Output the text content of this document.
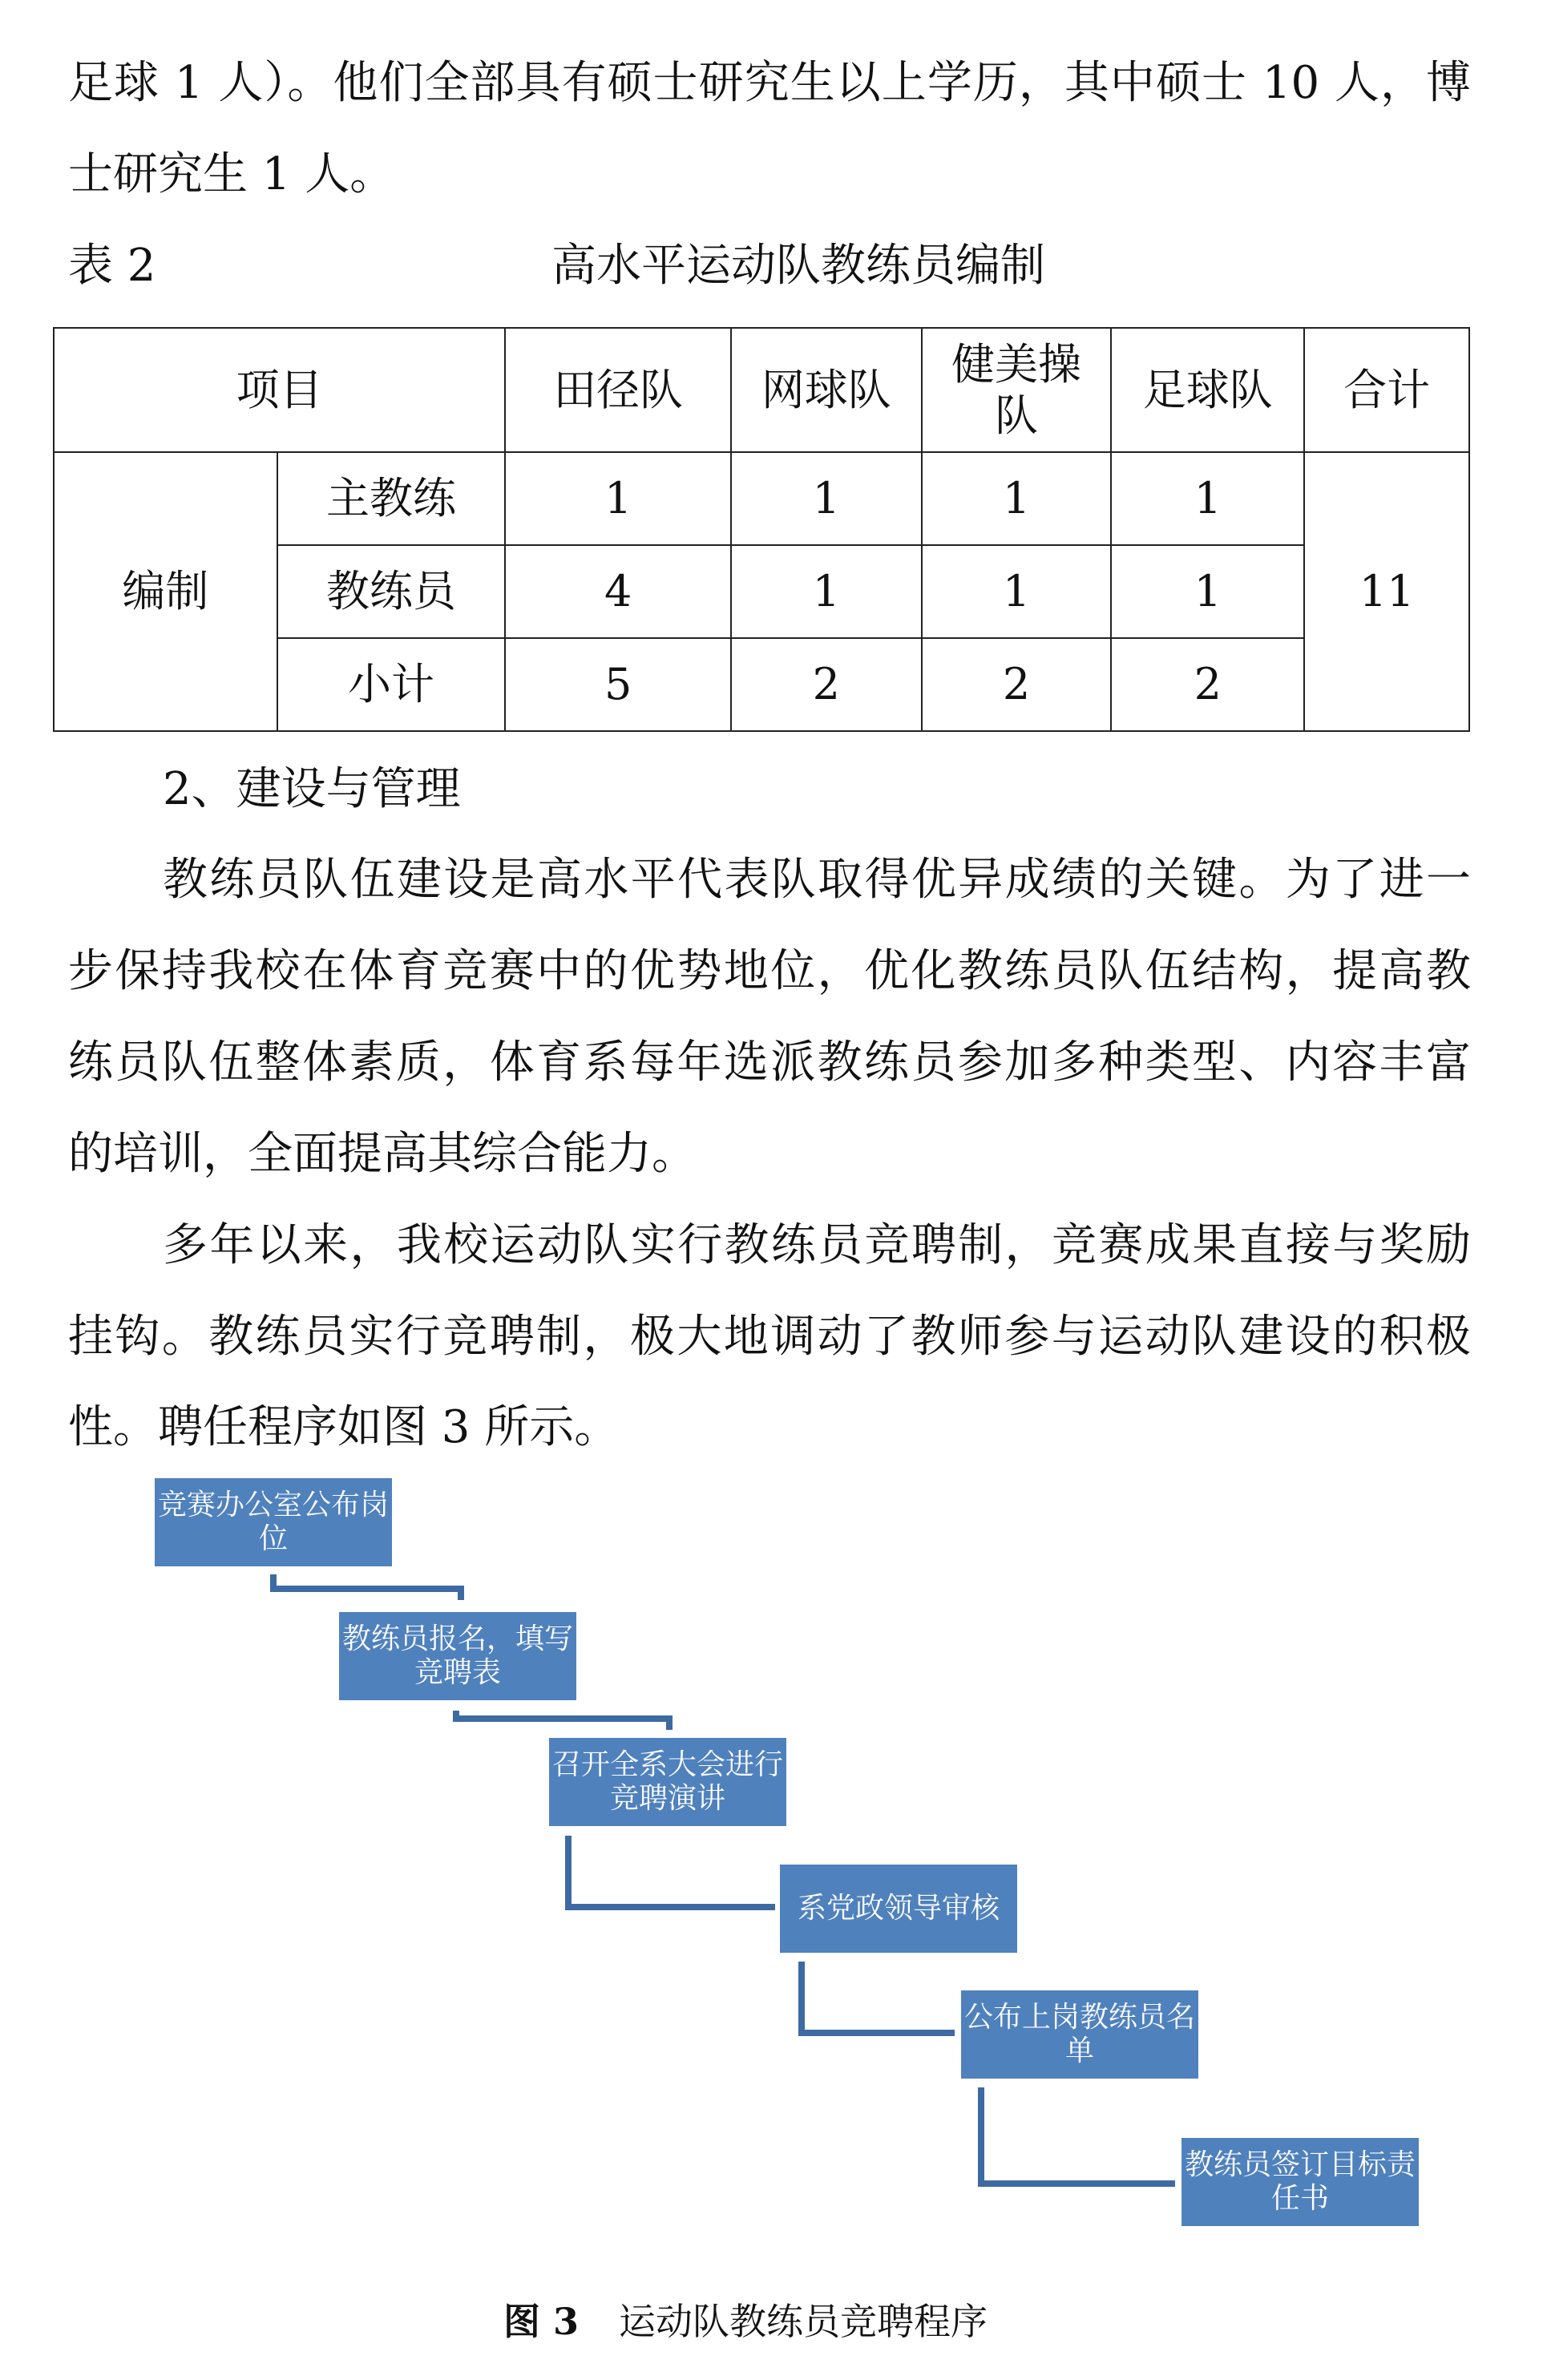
足球 1 人）。他们全部具有硕士研究生以上学历，其中硕士 10 人，博
士研究生 1 人。
表 2	高水平运动队教练员编制
项目		田径队	网球队	健美操队	足球队	合计
编制	主教练	1	1	1	1	11
	教练员	4	1	1	1	
	小计	5	2	2	2	
2、建设与管理
教练员队伍建设是高水平代表队取得优异成绩的关键。为了进一
步保持我校在体育竞赛中的优势地位，优化教练员队伍结构，提高教
练员队伍整体素质，体育系每年选派教练员参加多种类型、内容丰富
的培训，全面提高其综合能力。
多年以来，我校运动队实行教练员竞聘制，竞赛成果直接与奖励
挂钩。教练员实行竞聘制，极大地调动了教师参与运动队建设的积极
性。聘任程序如图 3 所示。
竞赛办公室公布岗位
教练员报名，填写竞聘表
召开全系大会进行竞聘演讲
系党政领导审核
公布上岗教练员名单
教练员签订目标责任书
图 3 运动队教练员竞聘程序
